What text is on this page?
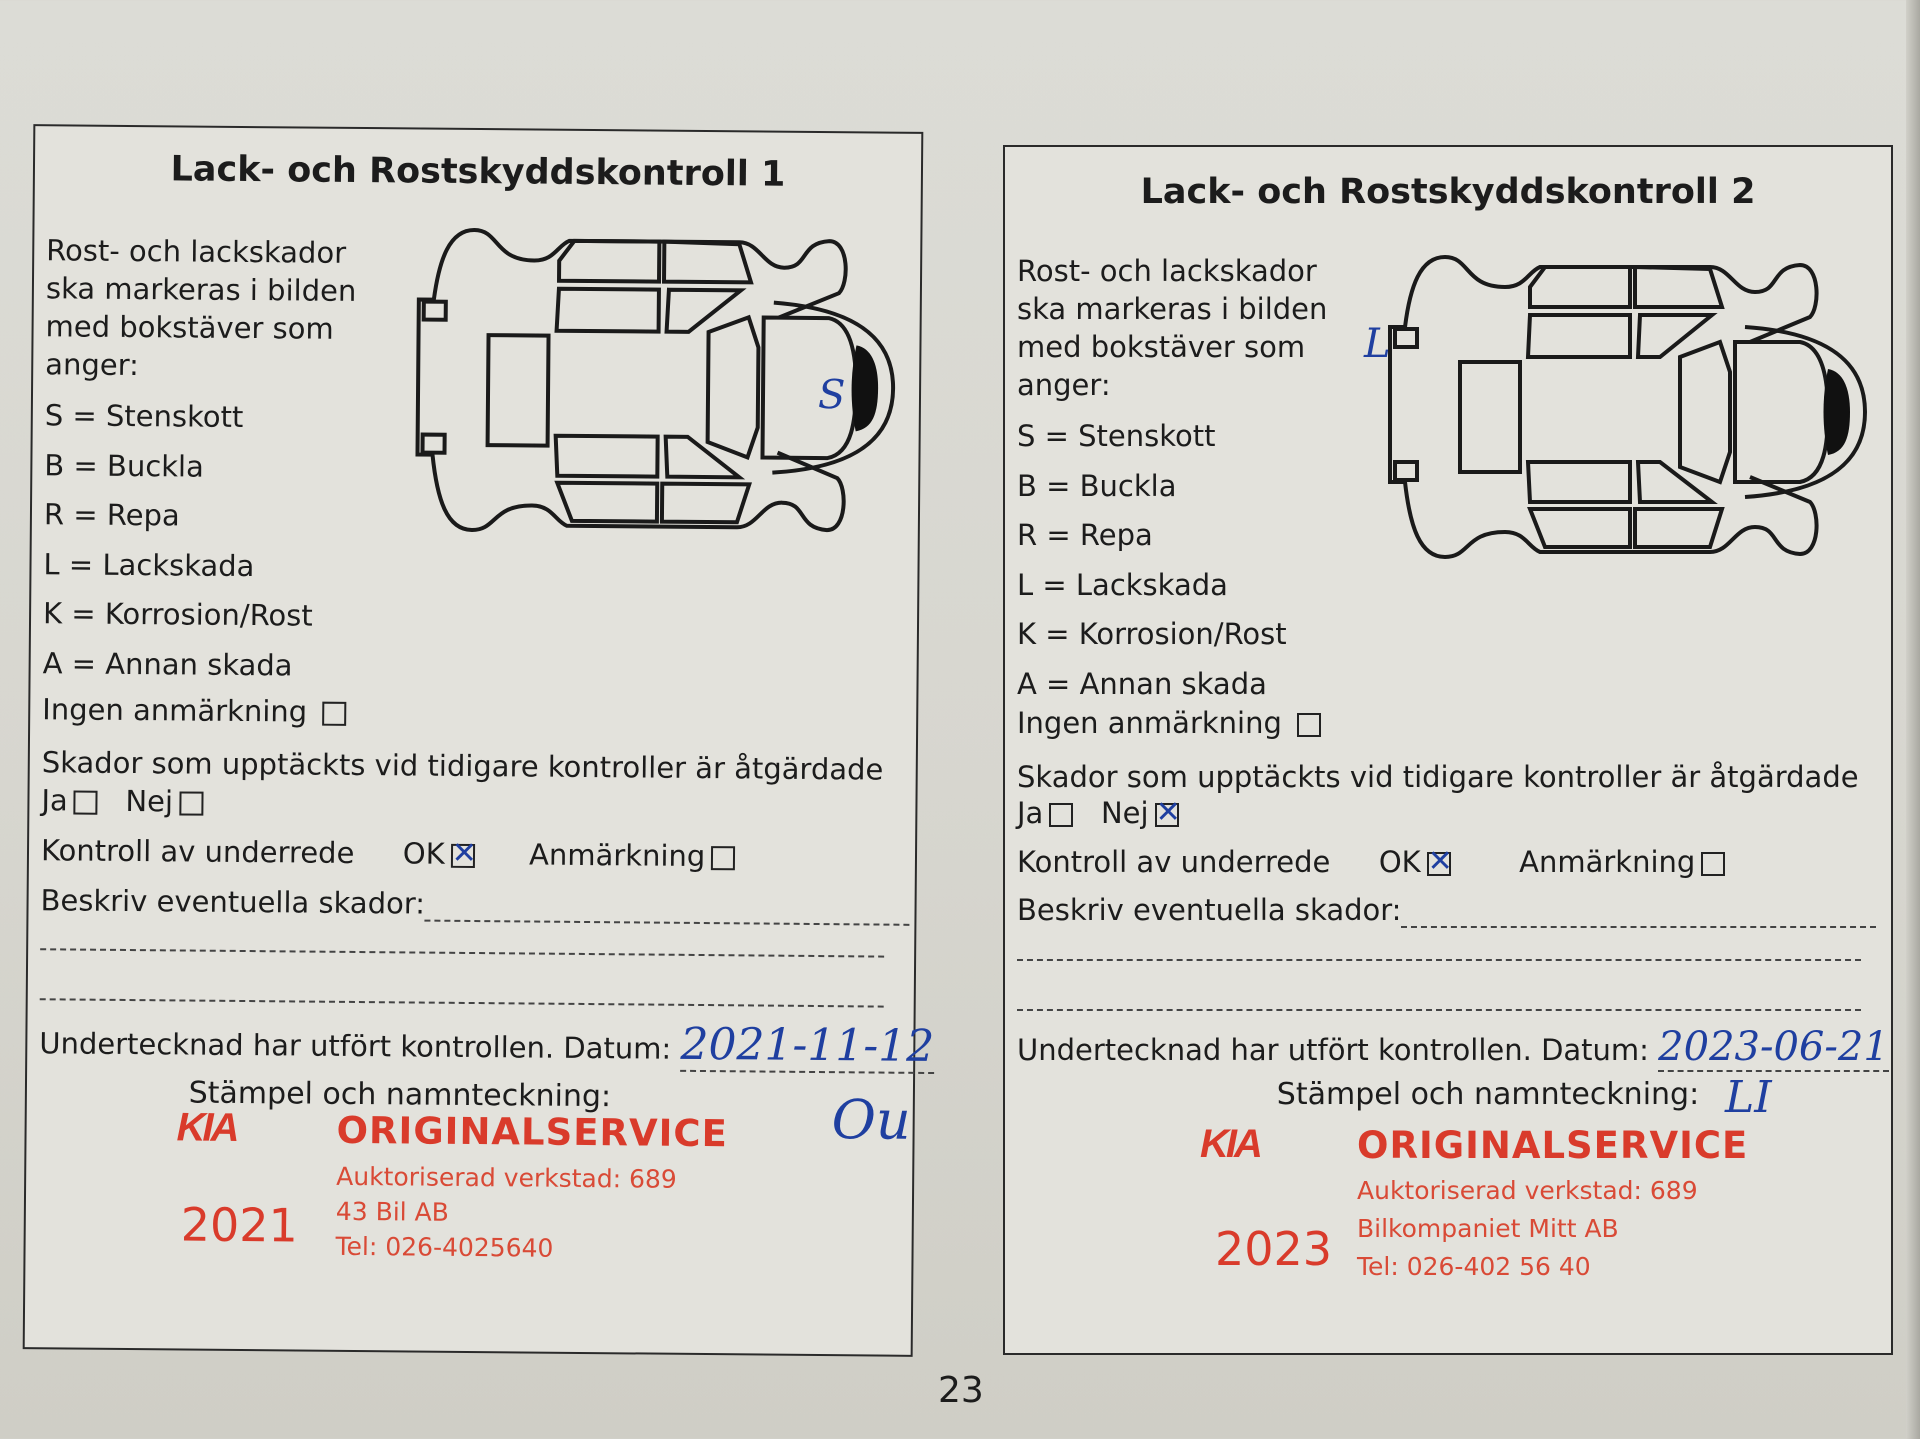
Lack- och Rostskyddskontroll 1
Rost- och lackskador ska markeras i bilden med bokstäver som anger:
S
S = Stenskott
B = Buckla
R = Repa
L = Lackskada
K = Korrosion/Rost
A = Annan skada
Ingen anmärkning
Skador som upptäckts vid tidigare kontroller är åtgärdade
Ja Nej
Kontroll av underrede OK ✕	Anmärkning
Beskriv eventuella skador:
Undertecknad har utfört kontrollen. Datum: 2021-11-12
Stämpel och namnteckning:	Ou
KIA	ORIGINALSERVICE
Auktoriserad verkstad: 689
43 Bil AB
Tel: 026-4025640
2021
Lack- och Rostskyddskontroll 2
Rost- och lackskador ska markeras i bilden med bokstäver som anger:
L
S = Stenskott
B = Buckla
R = Repa
L = Lackskada
K = Korrosion/Rost
A = Annan skada
Ingen anmärkning
Skador som upptäckts vid tidigare kontroller är åtgärdade
Ja Nej✕
Kontroll av underrede OK ✕	Anmärkning
Beskriv eventuella skador:
Undertecknad har utfört kontrollen. Datum: 2023-06-21
Stämpel och namnteckning: LI
KIA	ORIGINALSERVICE
Auktoriserad verkstad: 689
Bilkompaniet Mitt AB
Tel: 026-402 56 40
2023
23
